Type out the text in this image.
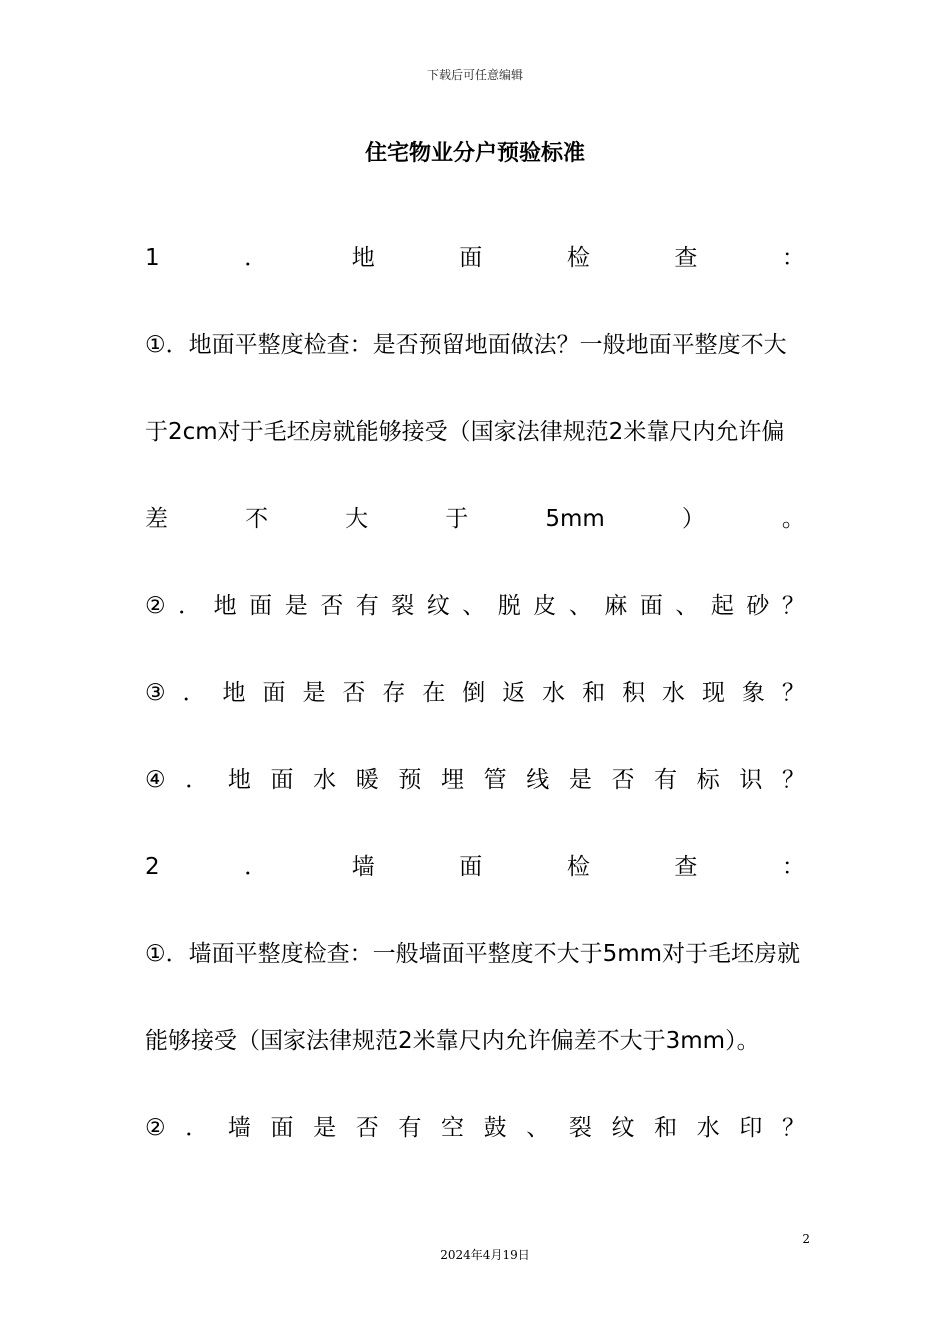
下载后可任意编辑
住宅物业分户预验标准
1	．	地	面	检	查	：
①．地面平整度检查：是否预留地面做法？一般地面平整度不大
于2cm对于毛坯房就能够接受（国家法律规范2米靠尺内允许偏
差	不	大	于	5mm	）	。
② ． 地 面 是 否 有 裂 纹 、 脱 皮 、 麻 面 、 起 砂 ？
③ ． 地 面 是 否 存 在 倒 返 水 和 积 水 现 象 ？
④ ． 地 面 水 暖 预 埋 管 线 是 否 有 标 识 ？
2	．	墙	面	检	查	：
①．墙面平整度检查：一般墙面平整度不大于5mm对于毛坯房就
能够接受（国家法律规范2米靠尺内允许偏差不大于3mm）。
② ． 墙 面 是 否 有 空 鼓 、 裂 纹 和 水 印 ？
2
2024年4月19日
